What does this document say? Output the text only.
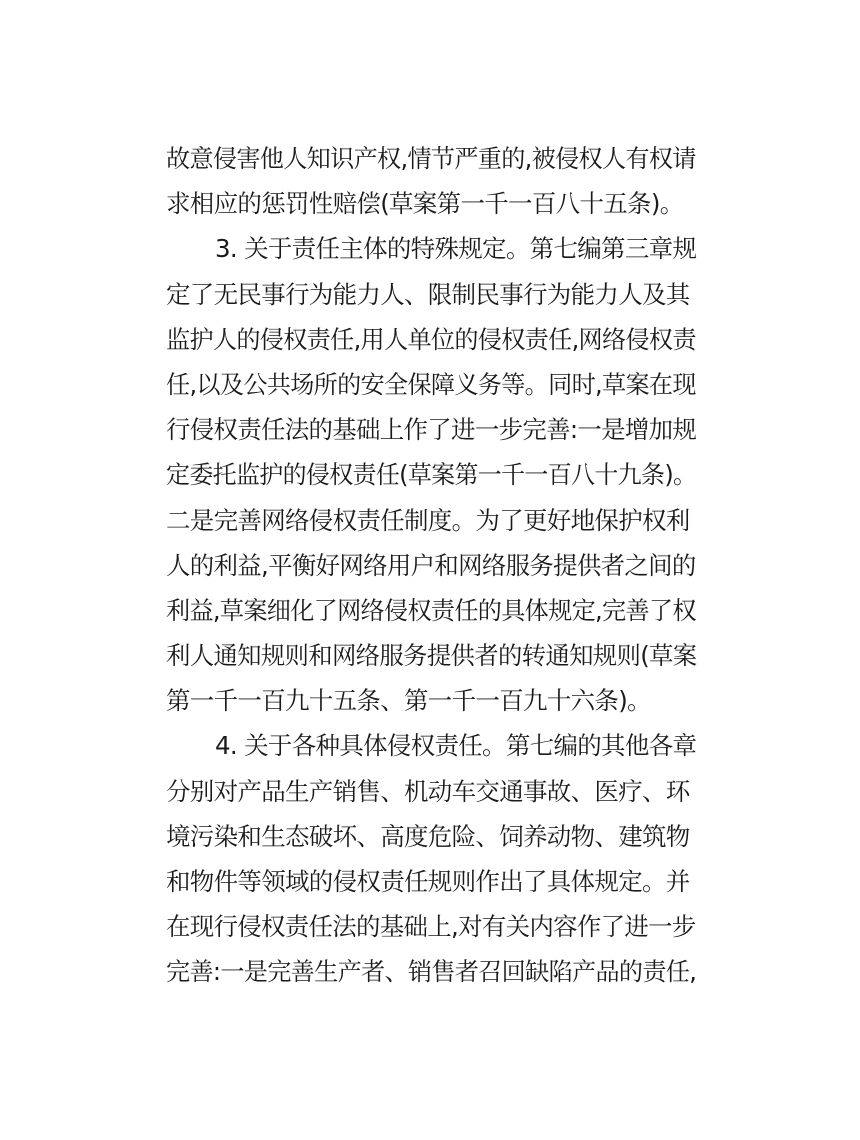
故意侵害他人知识产权,情节严重的,被侵权人有权请
求相应的惩罚性赔偿(草案第一千一百八十五条)。
3. 关于责任主体的特殊规定。第七编第三章规
定了无民事行为能力人、限制民事行为能力人及其
监护人的侵权责任,用人单位的侵权责任,网络侵权责
任,以及公共场所的安全保障义务等。同时,草案在现
行侵权责任法的基础上作了进一步完善:一是增加规
定委托监护的侵权责任(草案第一千一百八十九条)。
二是完善网络侵权责任制度。为了更好地保护权利
人的利益,平衡好网络用户和网络服务提供者之间的
利益,草案细化了网络侵权责任的具体规定,完善了权
利人通知规则和网络服务提供者的转通知规则(草案
第一千一百九十五条、第一千一百九十六条)。
4. 关于各种具体侵权责任。第七编的其他各章
分别对产品生产销售、机动车交通事故、医疗、环
境污染和生态破坏、高度危险、饲养动物、建筑物
和物件等领域的侵权责任规则作出了具体规定。并
在现行侵权责任法的基础上,对有关内容作了进一步
完善:一是完善生产者、销售者召回缺陷产品的责任,
